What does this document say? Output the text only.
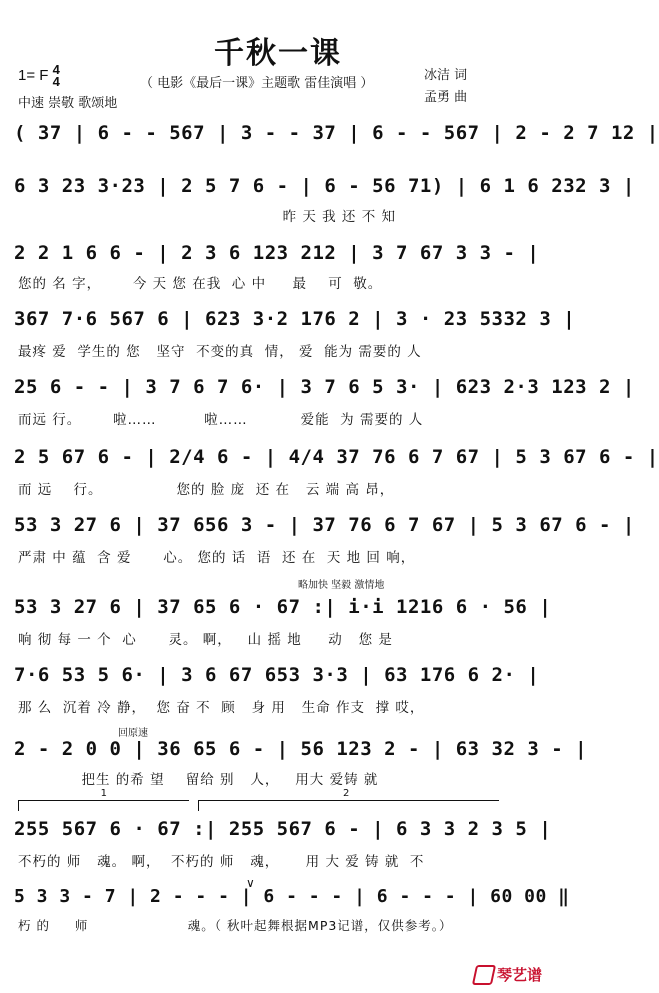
千秋一课
1= F 4
4	（ 电影《最后一课》主题歌 雷佳演唱 ）
中速 崇敬 歌颂地
冰洁 词
孟勇 曲
( 37 | 6 - - 567 | 3 - - 37 | 6 - - 567 | 2 - 2 7 12 |
6 3 23 3·23 | 2 5 7 6 - | 6 - 56 71) | 6 1 6 232 3 |
昨 天 我 还 不 知
2 2 1 6 6 - | 2 3 6 123 212 | 3 7 67 3 3 - |
您的 名 字，      今 天 您 在我  心 中     最    可  敬。
367 7·6 567 6 | 623 3·2 176 2 | 3 · 23 5332 3 |
最疼 爱  学生的 您   坚守  不变的真  情， 爱  能为 需要的 人
25 6 - - | 3 7 6 7 6· | 3 7 6 5 3· | 623 2·3 123 2 |
而远 行。      啦……         啦……          爱能  为 需要的 人
2 5 67 6 - | 2/4 6 - | 4/4 37 76 6 7 67 | 5 3 67 6 - |
而 远    行。              您的 脸 庞  还 在   云 端 高 昂，
53 3 27 6 | 37 656 3 - | 37 76 6 7 67 | 5 3 67 6 - |
严肃 中 蕴  含 爱      心。 您的 话  语  还 在  天 地 回 响，
略加快 坚毅 激情地
53 3 27 6 | 37 65 6 · 67 :| i·i 1216 6 · 56 |
响 彻 每 一 个  心      灵。 啊，   山 摇 地     动   您 是
7·6 53 5 6· | 3 6 67 653 3·3 | 63 176 6 2· |
那 么  沉着 冷 静，  您 奋 不  顾   身 用   生命 作支  撑 哎，
回原速
2 - 2 0 0 | 36 65 6 - | 56 123 2 - | 63 32 3 - |
把生 的希 望    留给 别   人，   用大 爱铸 就
1	2
255 567 6 · 67 :| 255 567 6 - | 6 3 3 2 3 5 |
不朽的 师   魂。 啊，  不朽的 师   魂，     用 大 爱 铸 就  不
∨
5 3 3 - 7 | 2 - - - | 6 - - - | 6 - - - | 60 00 ‖
朽 的     师                    魂。（ 秋叶起舞根据MP3记谱，仅供参考。）
琴艺谱
